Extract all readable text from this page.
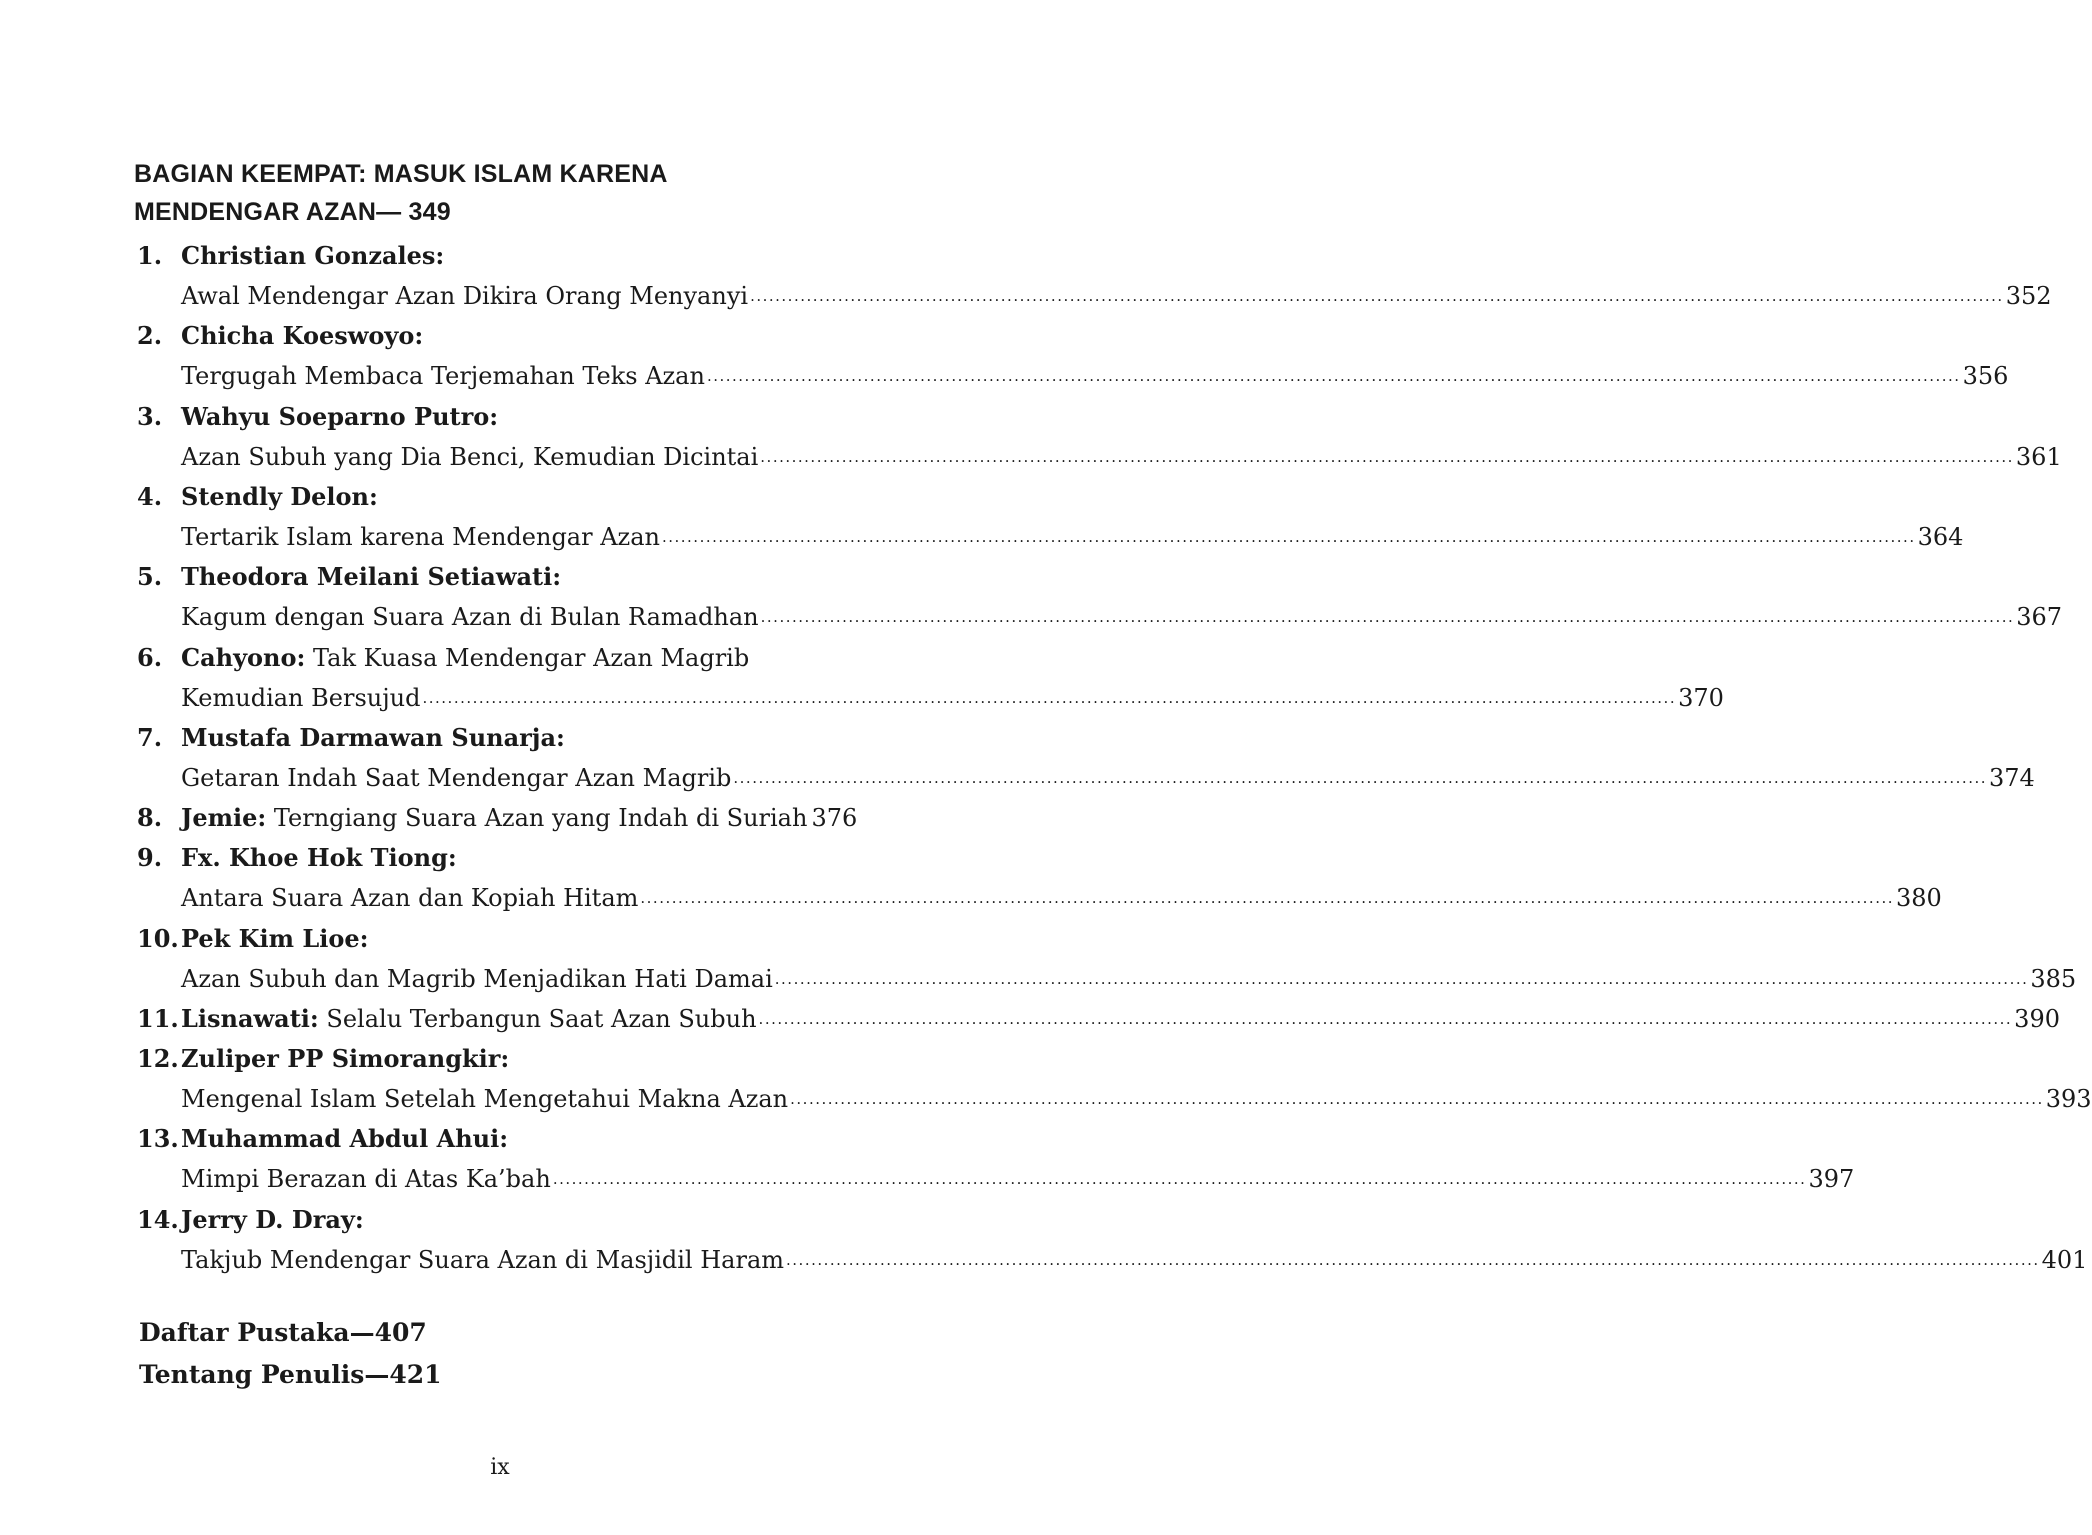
BAGIAN KEEMPAT: MASUK ISLAM KARENA
MENDENGAR AZAN— 349
1. Christian Gonzales:
Awal Mendengar Azan Dikira Orang Menyanyi ........................................................................................................................................................................................................ 352
2. Chicha Koeswoyo:
Tergugah Membaca Terjemahan Teks Azan ........................................................................................................................................................................................................ 356
3. Wahyu Soeparno Putro:
Azan Subuh yang Dia Benci, Kemudian Dicintai ........................................................................................................................................................................................................ 361
4. Stendly Delon:
Tertarik Islam karena Mendengar Azan ........................................................................................................................................................................................................ 364
5. Theodora Meilani Setiawati:
Kagum dengan Suara Azan di Bulan Ramadhan ........................................................................................................................................................................................................ 367
6. Cahyono: Tak Kuasa Mendengar Azan Magrib
Kemudian Bersujud ........................................................................................................................................................................................................ 370
7. Mustafa Darmawan Sunarja:
Getaran Indah Saat Mendengar Azan Magrib ........................................................................................................................................................................................................ 374
8. Jemie: Terngiang Suara Azan yang Indah di Suriah 376
9. Fx. Khoe Hok Tiong:
Antara Suara Azan dan Kopiah Hitam ........................................................................................................................................................................................................ 380
10. Pek Kim Lioe:
Azan Subuh dan Magrib Menjadikan Hati Damai ........................................................................................................................................................................................................ 385
11. Lisnawati: Selalu Terbangun Saat Azan Subuh ........................................................................................................................................................................................................ 390
12. Zuliper PP Simorangkir:
Mengenal Islam Setelah Mengetahui Makna Azan ........................................................................................................................................................................................................ 393
13. Muhammad Abdul Ahui:
Mimpi Berazan di Atas Ka’bah ........................................................................................................................................................................................................ 397
14. Jerry D. Dray:
Takjub Mendengar Suara Azan di Masjidil Haram ........................................................................................................................................................................................................ 401
Daftar Pustaka—407
Tentang Penulis—421
ix
